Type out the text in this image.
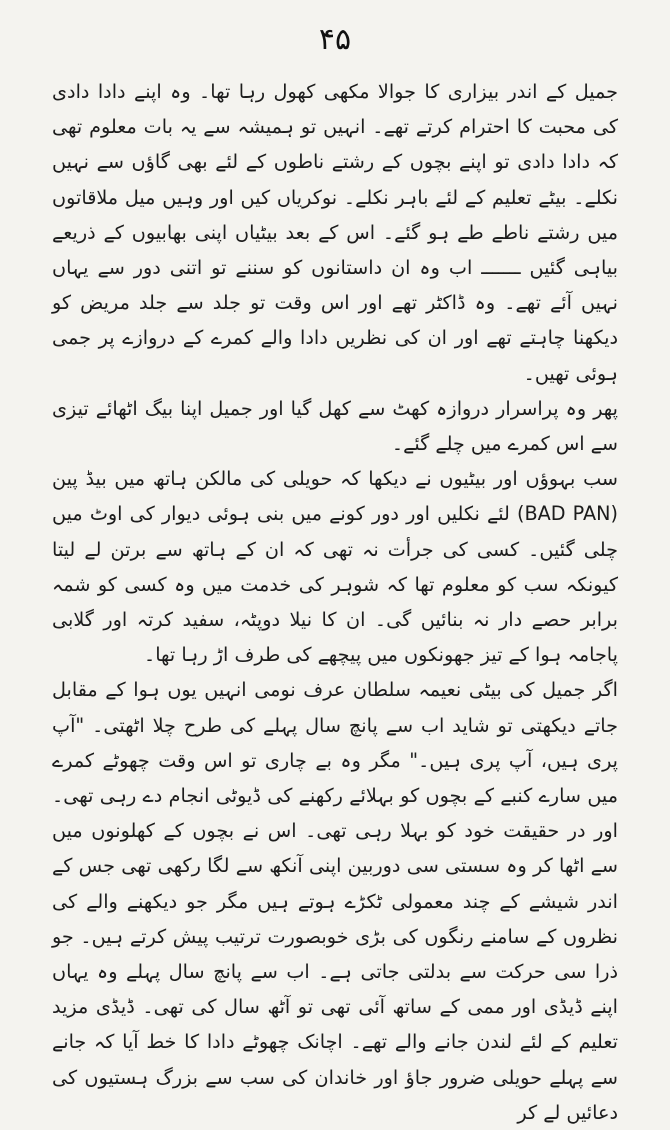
۴۵

جمیل کے اندر بیزاری کا جوالا مکھی کھول رہا تھا۔ وہ اپنے دادا دادی کی محبت کا احترام کرتے تھے۔ انہیں تو ہمیشہ سے یہ بات معلوم تھی کہ دادا دادی تو اپنے بچوں کے رشتے ناطوں کے لئے بھی گاؤں سے نہیں نکلے۔ بیٹے تعلیم کے لئے باہر نکلے۔ نوکریاں کیں اور وہیں میل ملاقاتوں میں رشتے ناطے طے ہو گئے۔ اس کے بعد بیٹیاں اپنی بھابیوں کے ذریعے بیاہی گئیں ـــــــ اب وہ ان داستانوں کو سننے تو اتنی دور سے یہاں نہیں آئے تھے۔ وہ ڈاکٹر تھے اور اس وقت تو جلد سے جلد مریض کو دیکھنا چاہتے تھے اور ان کی نظریں دادا والے کمرے کے دروازے پر جمی ہوئی تھیں۔

پھر وہ پراسرار دروازہ کھٹ سے کھل گیا اور جمیل اپنا بیگ اٹھائے تیزی سے اس کمرے میں چلے گئے۔

سب بہوؤں اور بیٹیوں نے دیکھا کہ حویلی کی مالکن ہاتھ میں بیڈ پین (BAD PAN) لئے نکلیں اور دور کونے میں بنی ہوئی دیوار کی اوٹ میں چلی گئیں۔ کسی کی جرأت نہ تھی کہ ان کے ہاتھ سے برتن لے لیتا کیونکہ سب کو معلوم تھا کہ شوہر کی خدمت میں وہ کسی کو شمہ برابر حصے دار نہ بنائیں گی۔ ان کا نیلا دوپٹہ، سفید کرتہ اور گلابی پاجامہ ہوا کے تیز جھونکوں میں پیچھے کی طرف اڑ رہا تھا۔

اگر جمیل کی بیٹی نعیمہ سلطان عرف نومی انہیں یوں ہوا کے مقابل جاتے دیکھتی تو شاید اب سے پانچ سال پہلے کی طرح چلا اٹھتی۔ "آپ پری ہیں، آپ پری ہیں۔" مگر وہ بے چاری تو اس وقت چھوٹے کمرے میں سارے کنبے کے بچوں کو بہلائے رکھنے کی ڈیوٹی انجام دے رہی تھی۔ اور در حقیقت خود کو بہلا رہی تھی۔ اس نے بچوں کے کھلونوں میں سے اٹھا کر وہ سستی سی دوربین اپنی آنکھ سے لگا رکھی تھی جس کے اندر شیشے کے چند معمولی ٹکڑے ہوتے ہیں مگر جو دیکھنے والے کی نظروں کے سامنے رنگوں کی بڑی خوبصورت ترتیب پیش کرتے ہیں۔ جو ذرا سی حرکت سے بدلتی جاتی ہے۔ اب سے پانچ سال پہلے وہ یہاں اپنے ڈیڈی اور ممی کے ساتھ آئی تھی تو آٹھ سال کی تھی۔ ڈیڈی مزید تعلیم کے لئے لندن جانے والے تھے۔ اچانک چھوٹے دادا کا خط آیا کہ جانے سے پہلے حویلی ضرور جاؤ اور خاندان کی سب سے بزرگ ہستیوں کی دعائیں لے کر
